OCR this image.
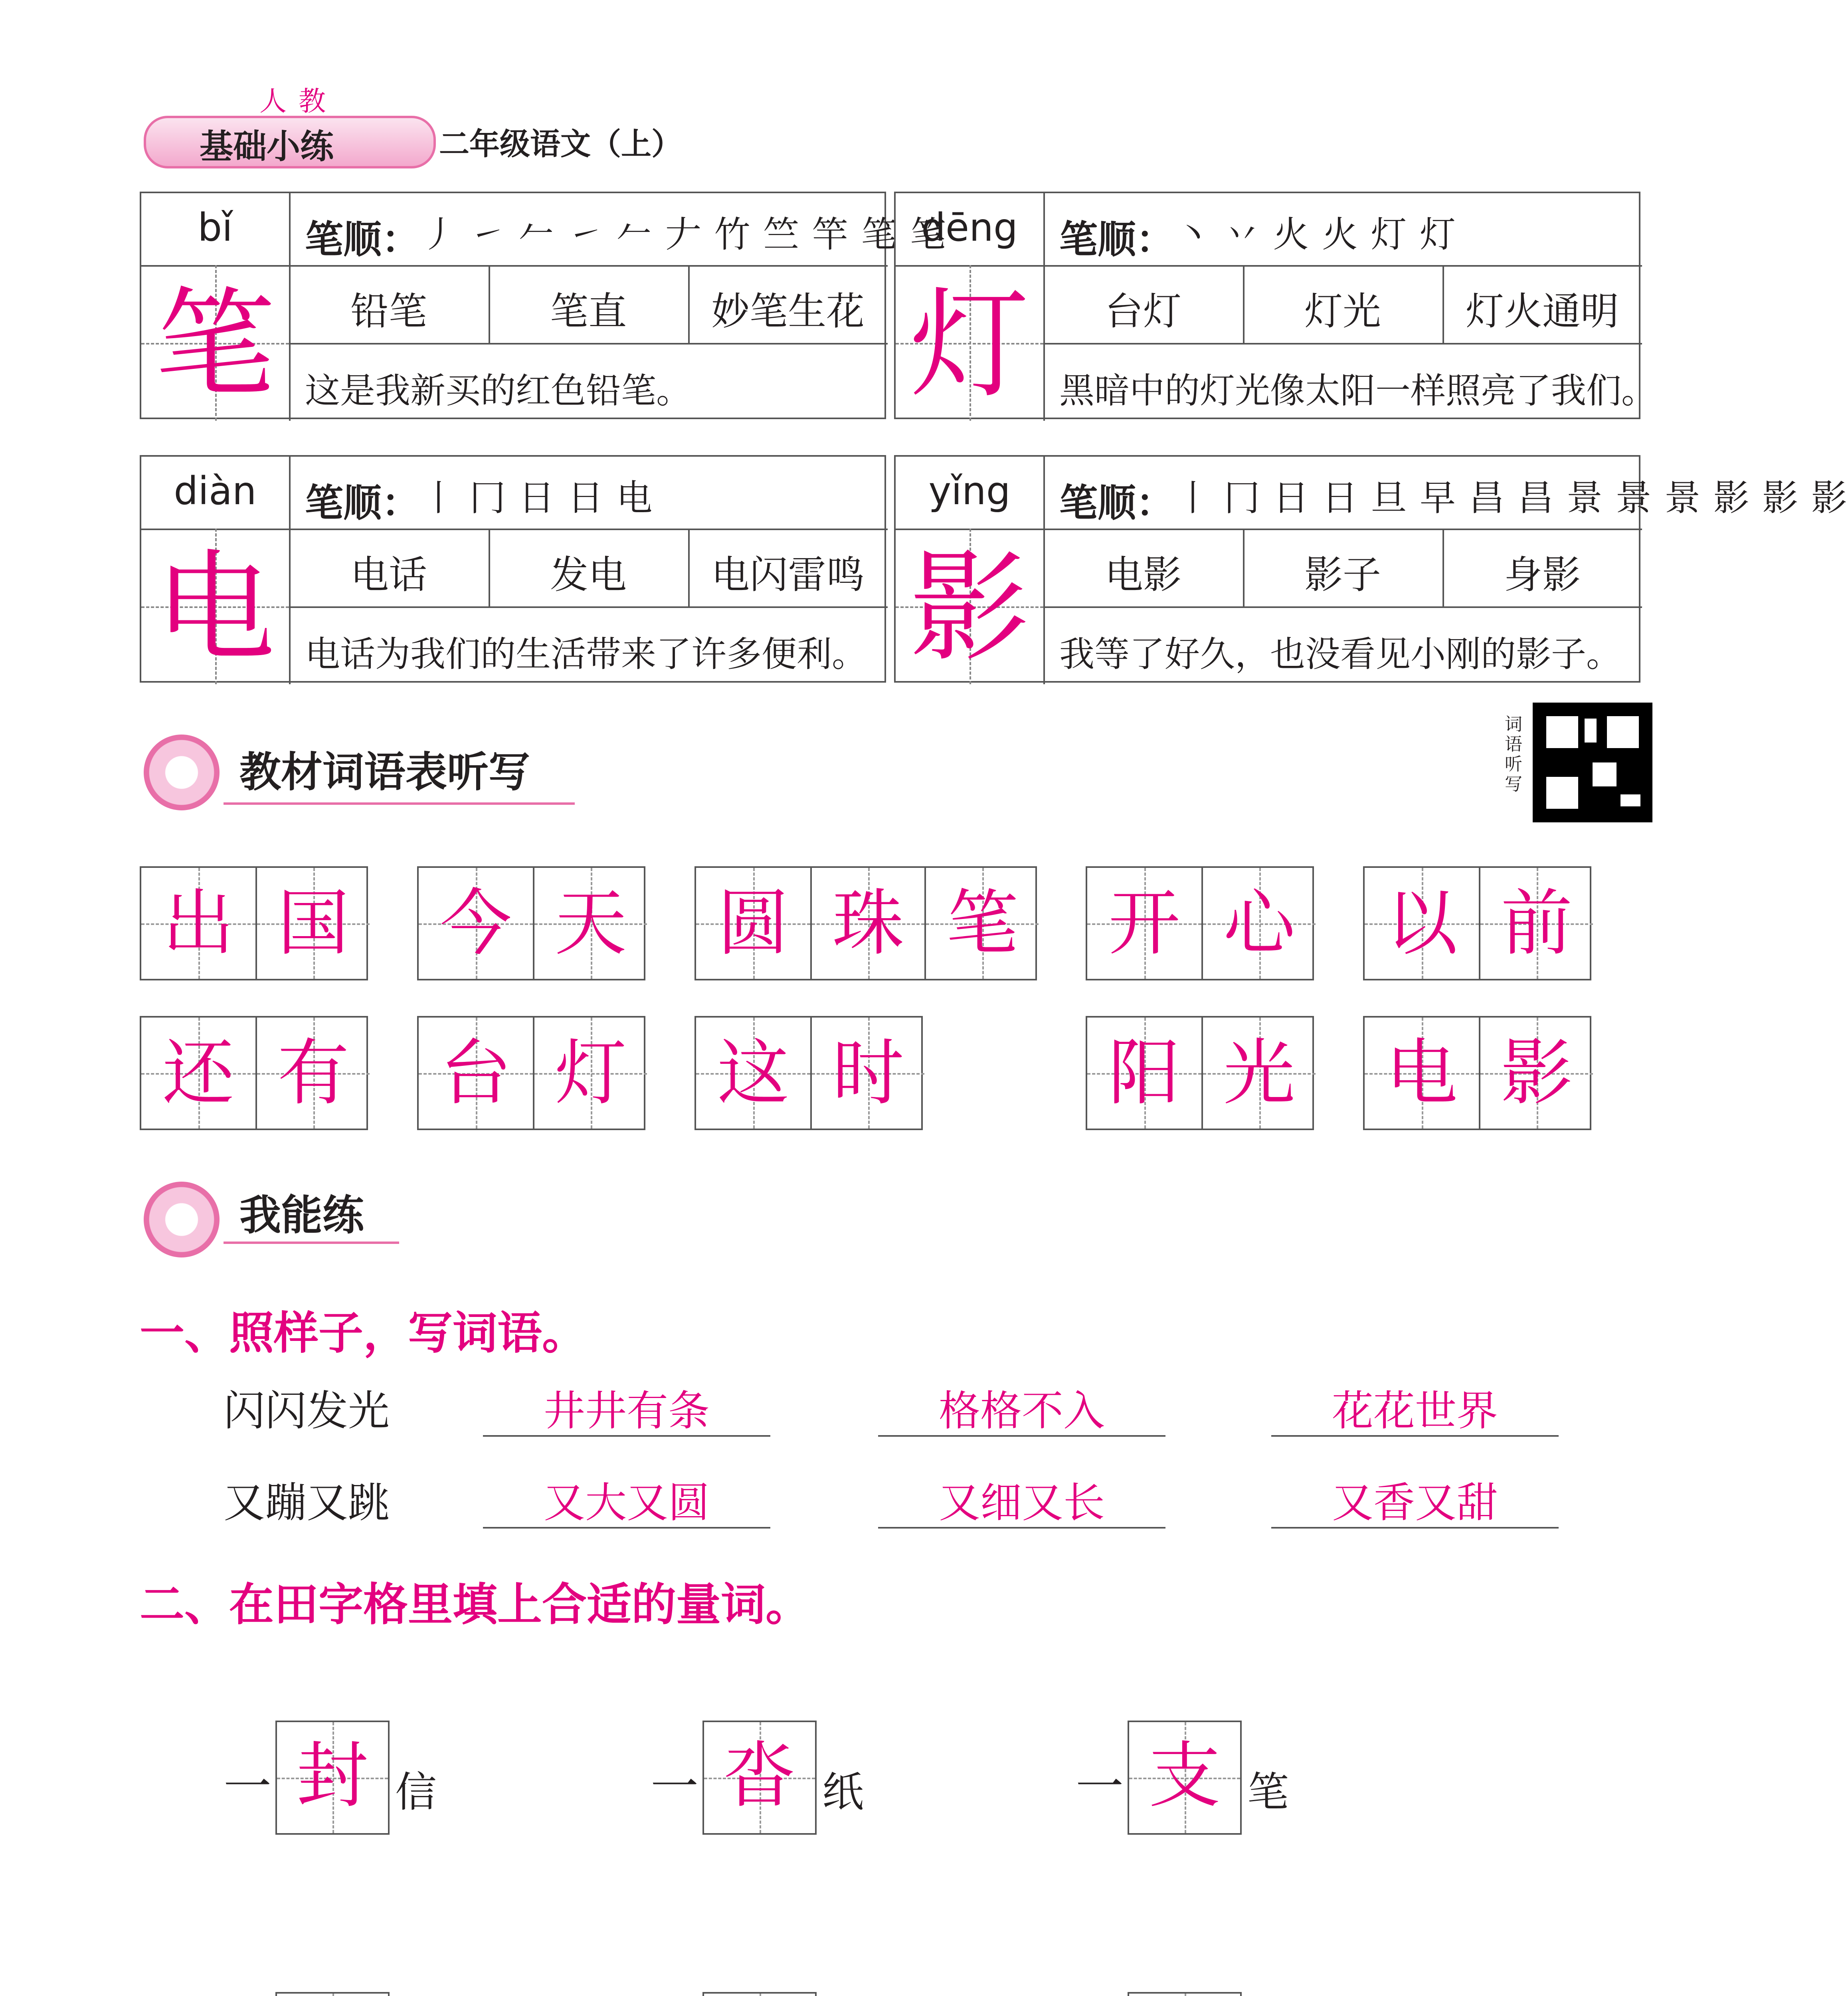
人教
基础小练	二年级语文（上）
bǐ	笔顺： 丿 ㇀ 𠂉 ㇀ 𠂉 𠂇 竹 竺 竿 笔 笔
笔	铅笔	笔直	妙笔生花
这是我新买的红色铅笔。
dēng	笔顺： 丶 丷 火 火 灯 灯
灯	台灯	灯光	灯火通明
黑暗中的灯光像太阳一样照亮了我们。
diàn	笔顺： 丨 冂 日 日 电
电	电话	发电	电闪雷鸣
电话为我们的生活带来了许多便利。
yǐng	笔顺： 丨 冂 日 日 旦 早 昌 昌 景 景 景 影 影 影
影	电影	影子	身影
我等了好久，也没看见小刚的影子。
教材词语表听写
词语听写
出 国 今 天 圆 珠 笔 开 心 以 前
还 有 台 灯 这 时	阳 光 电 影
我能练
一、照样子，写词语。
闪闪发光	井井有条	格格不入	花花世界
又蹦又跳	又大又圆	又细又长	又香又甜
二、在田字格里填上合适的量词。
一 封 信	一 沓 纸	一 支 笔
